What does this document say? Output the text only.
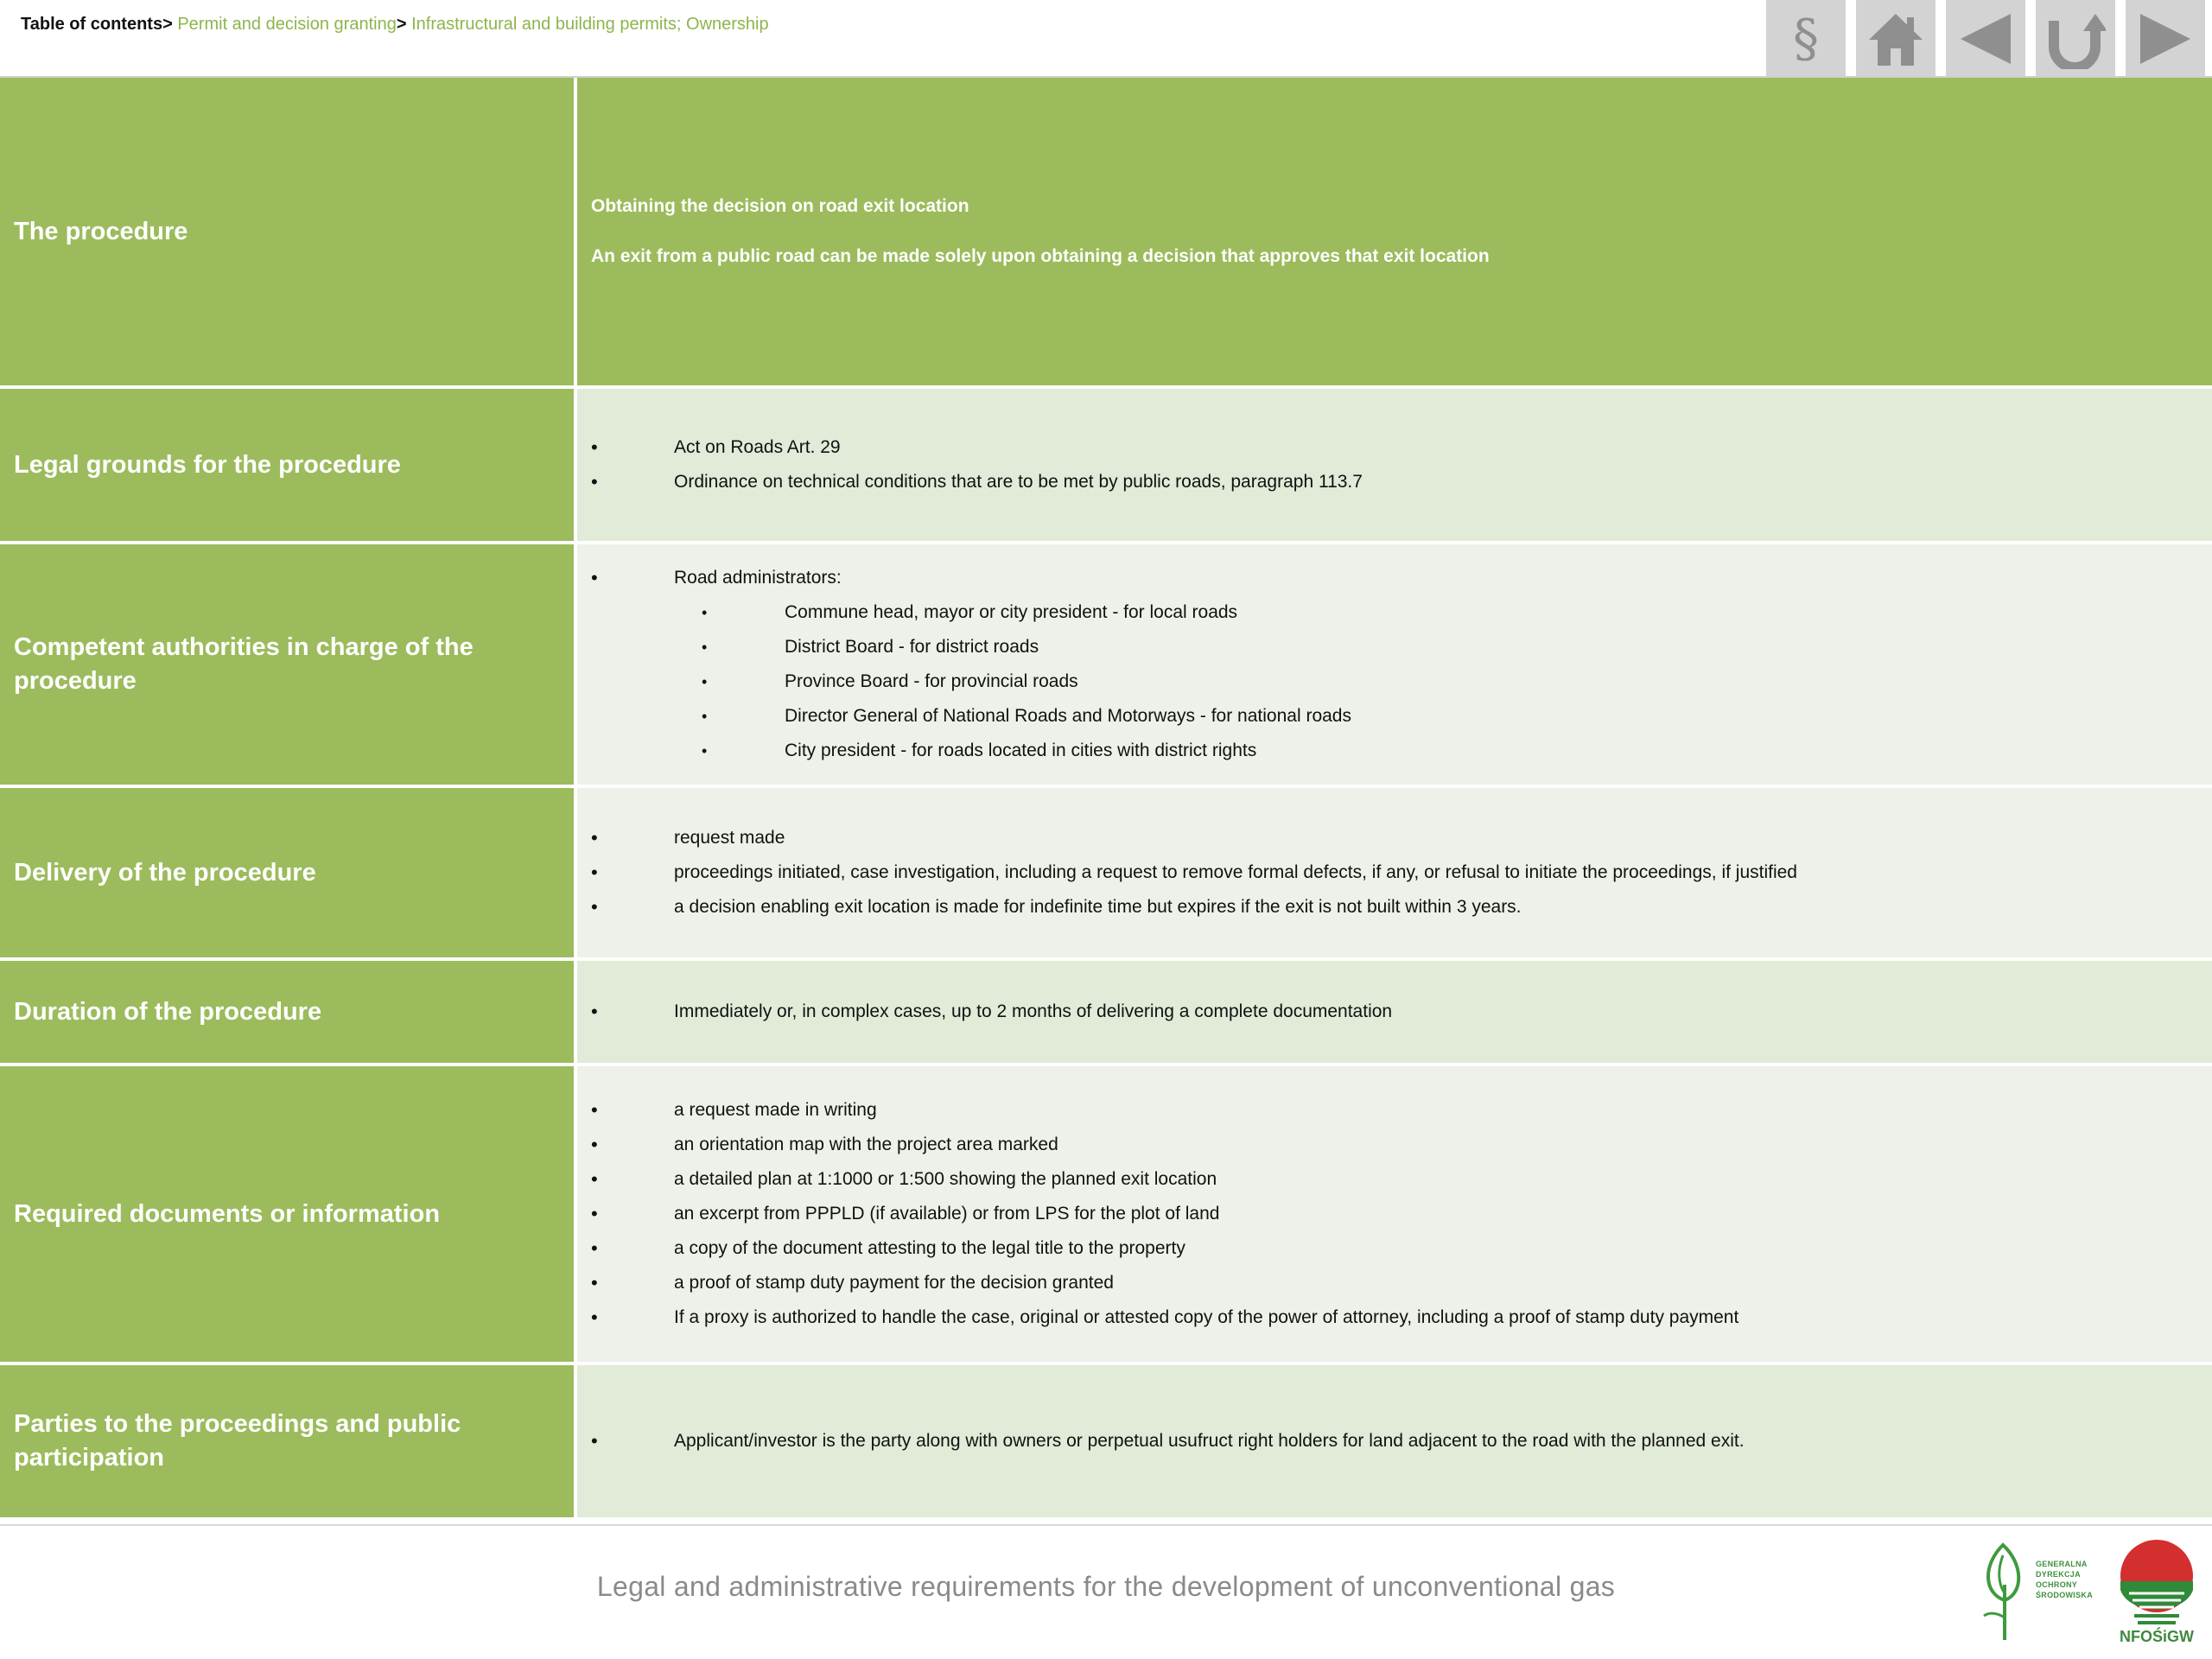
Table of contents> Permit and decision granting> Infrastructural and building permits; Ownership	§
The procedure

Obtaining the decision on road exit location

An exit from a public road can be made solely upon obtaining a decision that approves that exit location

Legal grounds for the procedure
• Act on Roads Art. 29
• Ordinance on technical conditions that are to be met by public roads, paragraph 113.7
Competent authorities in charge of the procedure
• Road administrators:
• Commune head, mayor or city president - for local roads
• District Board - for district roads
• Province Board - for provincial roads
• Director General of National Roads and Motorways - for national roads
• City president - for roads located in cities with district rights
Delivery of the procedure
• request made
• proceedings initiated, case investigation, including a request to remove formal defects, if any, or refusal to initiate the proceedings, if justified
• a decision enabling exit location is made for indefinite time but expires if the exit is not built within 3 years.
Duration of the procedure
•	Immediately or, in complex cases, up to 2 months of delivering a complete documentation
Required documents or information
• a request made in writing
• an orientation map with the project area marked
• a detailed plan at 1:1000 or 1:500 showing the planned exit location
• an excerpt from PPPLD (if available) or from LPS for the plot of land
• a copy of the document attesting to the legal title to the property
• a proof of stamp duty payment for the decision granted
• If a proxy is authorized to handle the case, original or attested copy of the power of attorney, including a proof of stamp duty payment
Parties to the proceedings and public participation
• Applicant/investor is the party along with owners or perpetual usufruct right holders for land adjacent to the road with the planned exit.
Legal and administrative requirements for the development of unconventional gas
GENERALNA
DYREKCJA
OCHRONY
ŚRODOWISKA
NFOŚiGW
